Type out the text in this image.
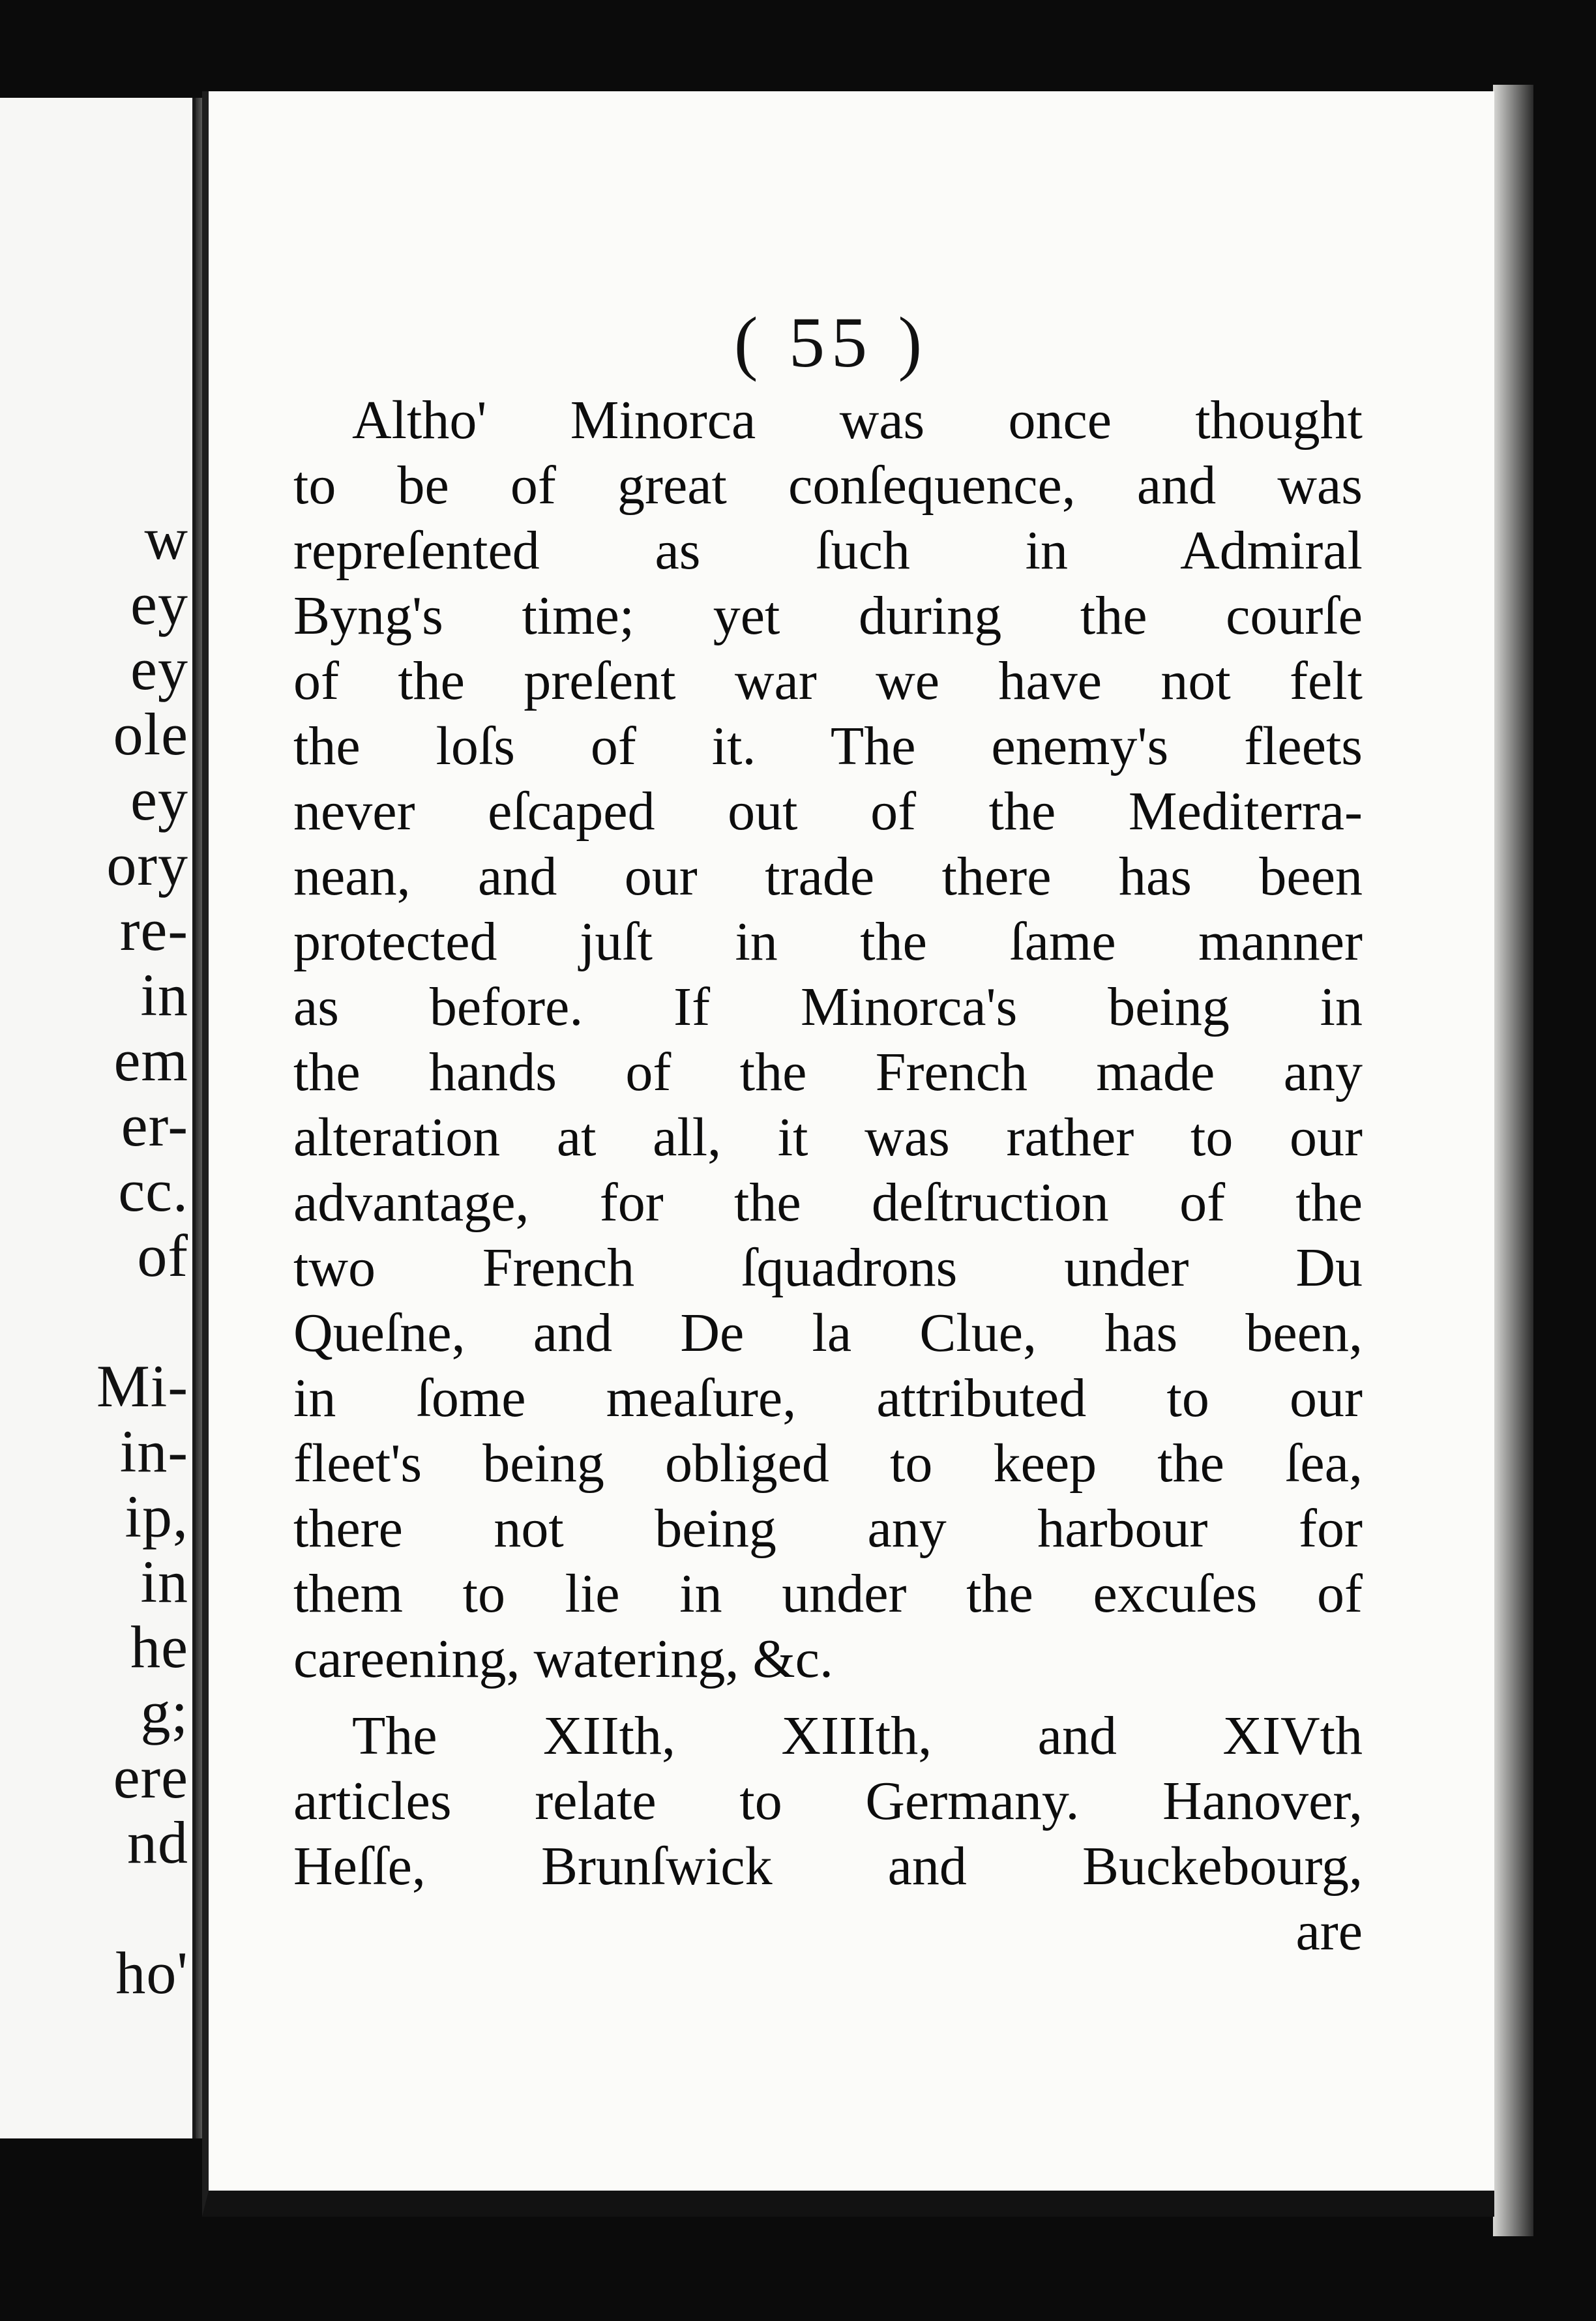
w
ey
ey
ole
ey
ory
re-
in
em
er-
cc.
of
Mi-
in-
ip,
in
he
g;
ere
nd
ho'
( 55 )
Altho' Minorca was once thought
to be of great conſequence, and was
repreſented as ſuch in Admiral
Byng's time; yet during the courſe
of the preſent war we have not felt
the loſs of it. The enemy's fleets
never eſcaped out of the Mediterra-
nean, and our trade there has been
protected juſt in the ſame manner
as before. If Minorca's being in
the hands of the French made any
alteration at all, it was rather to our
advantage, for the deſtruction of the
two French ſquadrons under Du
Queſne, and De la Clue, has been,
in ſome meaſure, attributed to our
fleet's being obliged to keep the ſea,
there not being any harbour for
them to lie in under the excuſes of
careening, watering, &c.
The XIIth, XIIIth, and XIVth
articles relate to Germany. Hanover,
Heſſe, Brunſwick and Buckebourg,
are
